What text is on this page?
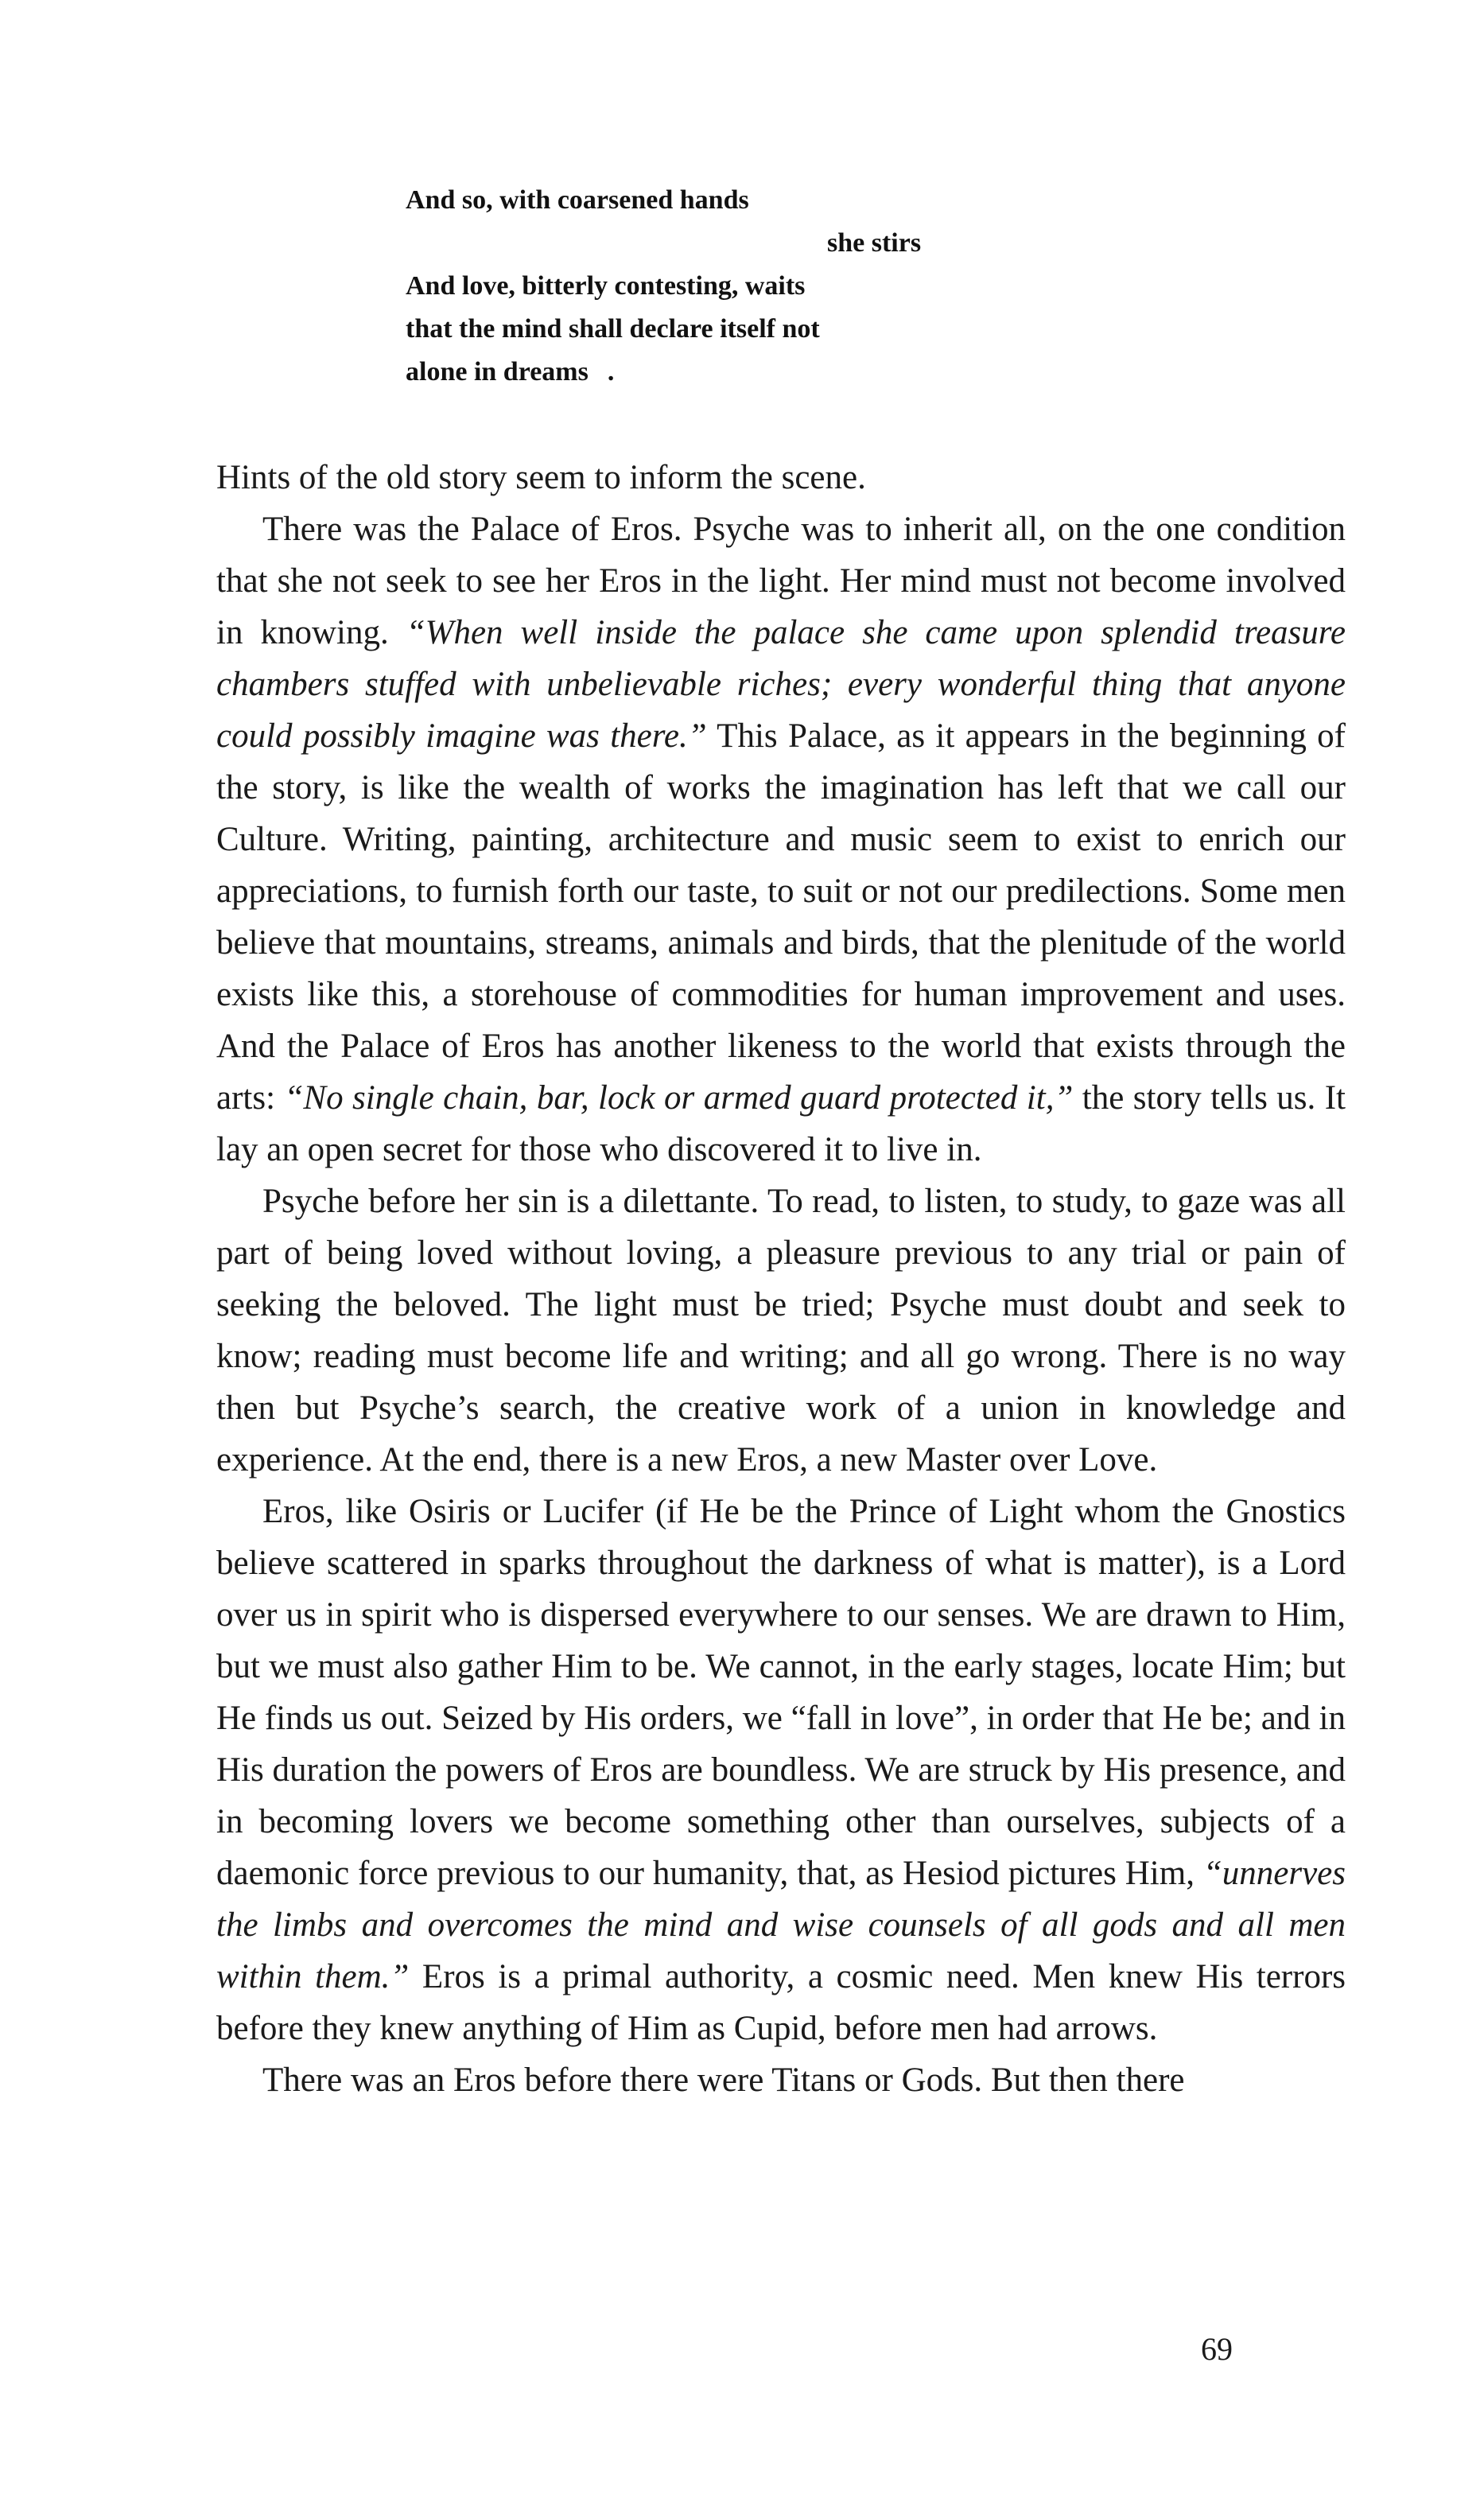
And so, with coarsened hands
she stirs
And love, bitterly contesting, waits
that the mind shall declare itself not
alone in dreams .

Hints of the old story seem to inform the scene.

There was the Palace of Eros. Psyche was to inherit all, on the one condition that she not seek to see her Eros in the light. Her mind must not become involved in knowing. “When well inside the palace she came upon splendid treasure chambers stuffed with unbelievable riches; every wonderful thing that anyone could possibly imagine was there.” This Palace, as it appears in the beginning of the story, is like the wealth of works the imagination has left that we call our Culture. Writing, painting, architecture and music seem to exist to enrich our appreciations, to furnish forth our taste, to suit or not our predilections. Some men believe that mountains, streams, animals and birds, that the plenitude of the world exists like this, a storehouse of commodities for human improvement and uses. And the Palace of Eros has another likeness to the world that exists through the arts: “No single chain, bar, lock or armed guard protected it,” the story tells us. It lay an open secret for those who discovered it to live in.

Psyche before her sin is a dilettante. To read, to listen, to study, to gaze was all part of being loved without loving, a pleasure previous to any trial or pain of seeking the beloved. The light must be tried; Psyche must doubt and seek to know; reading must become life and writing; and all go wrong. There is no way then but Psyche’s search, the creative work of a union in knowledge and experience. At the end, there is a new Eros, a new Master over Love.

Eros, like Osiris or Lucifer (if He be the Prince of Light whom the Gnostics believe scattered in sparks throughout the darkness of what is matter), is a Lord over us in spirit who is dispersed everywhere to our senses. We are drawn to Him, but we must also gather Him to be. We cannot, in the early stages, locate Him; but He finds us out. Seized by His orders, we “fall in love”, in order that He be; and in His duration the powers of Eros are boundless. We are struck by His presence, and in becoming lovers we become something other than ourselves, subjects of a daemonic force previous to our humanity, that, as Hesiod pictures Him, “unnerves the limbs and overcomes the mind and wise counsels of all gods and all men within them.” Eros is a primal authority, a cosmic need. Men knew His terrors before they knew anything of Him as Cupid, before men had arrows.

There was an Eros before there were Titans or Gods. But then there

69
